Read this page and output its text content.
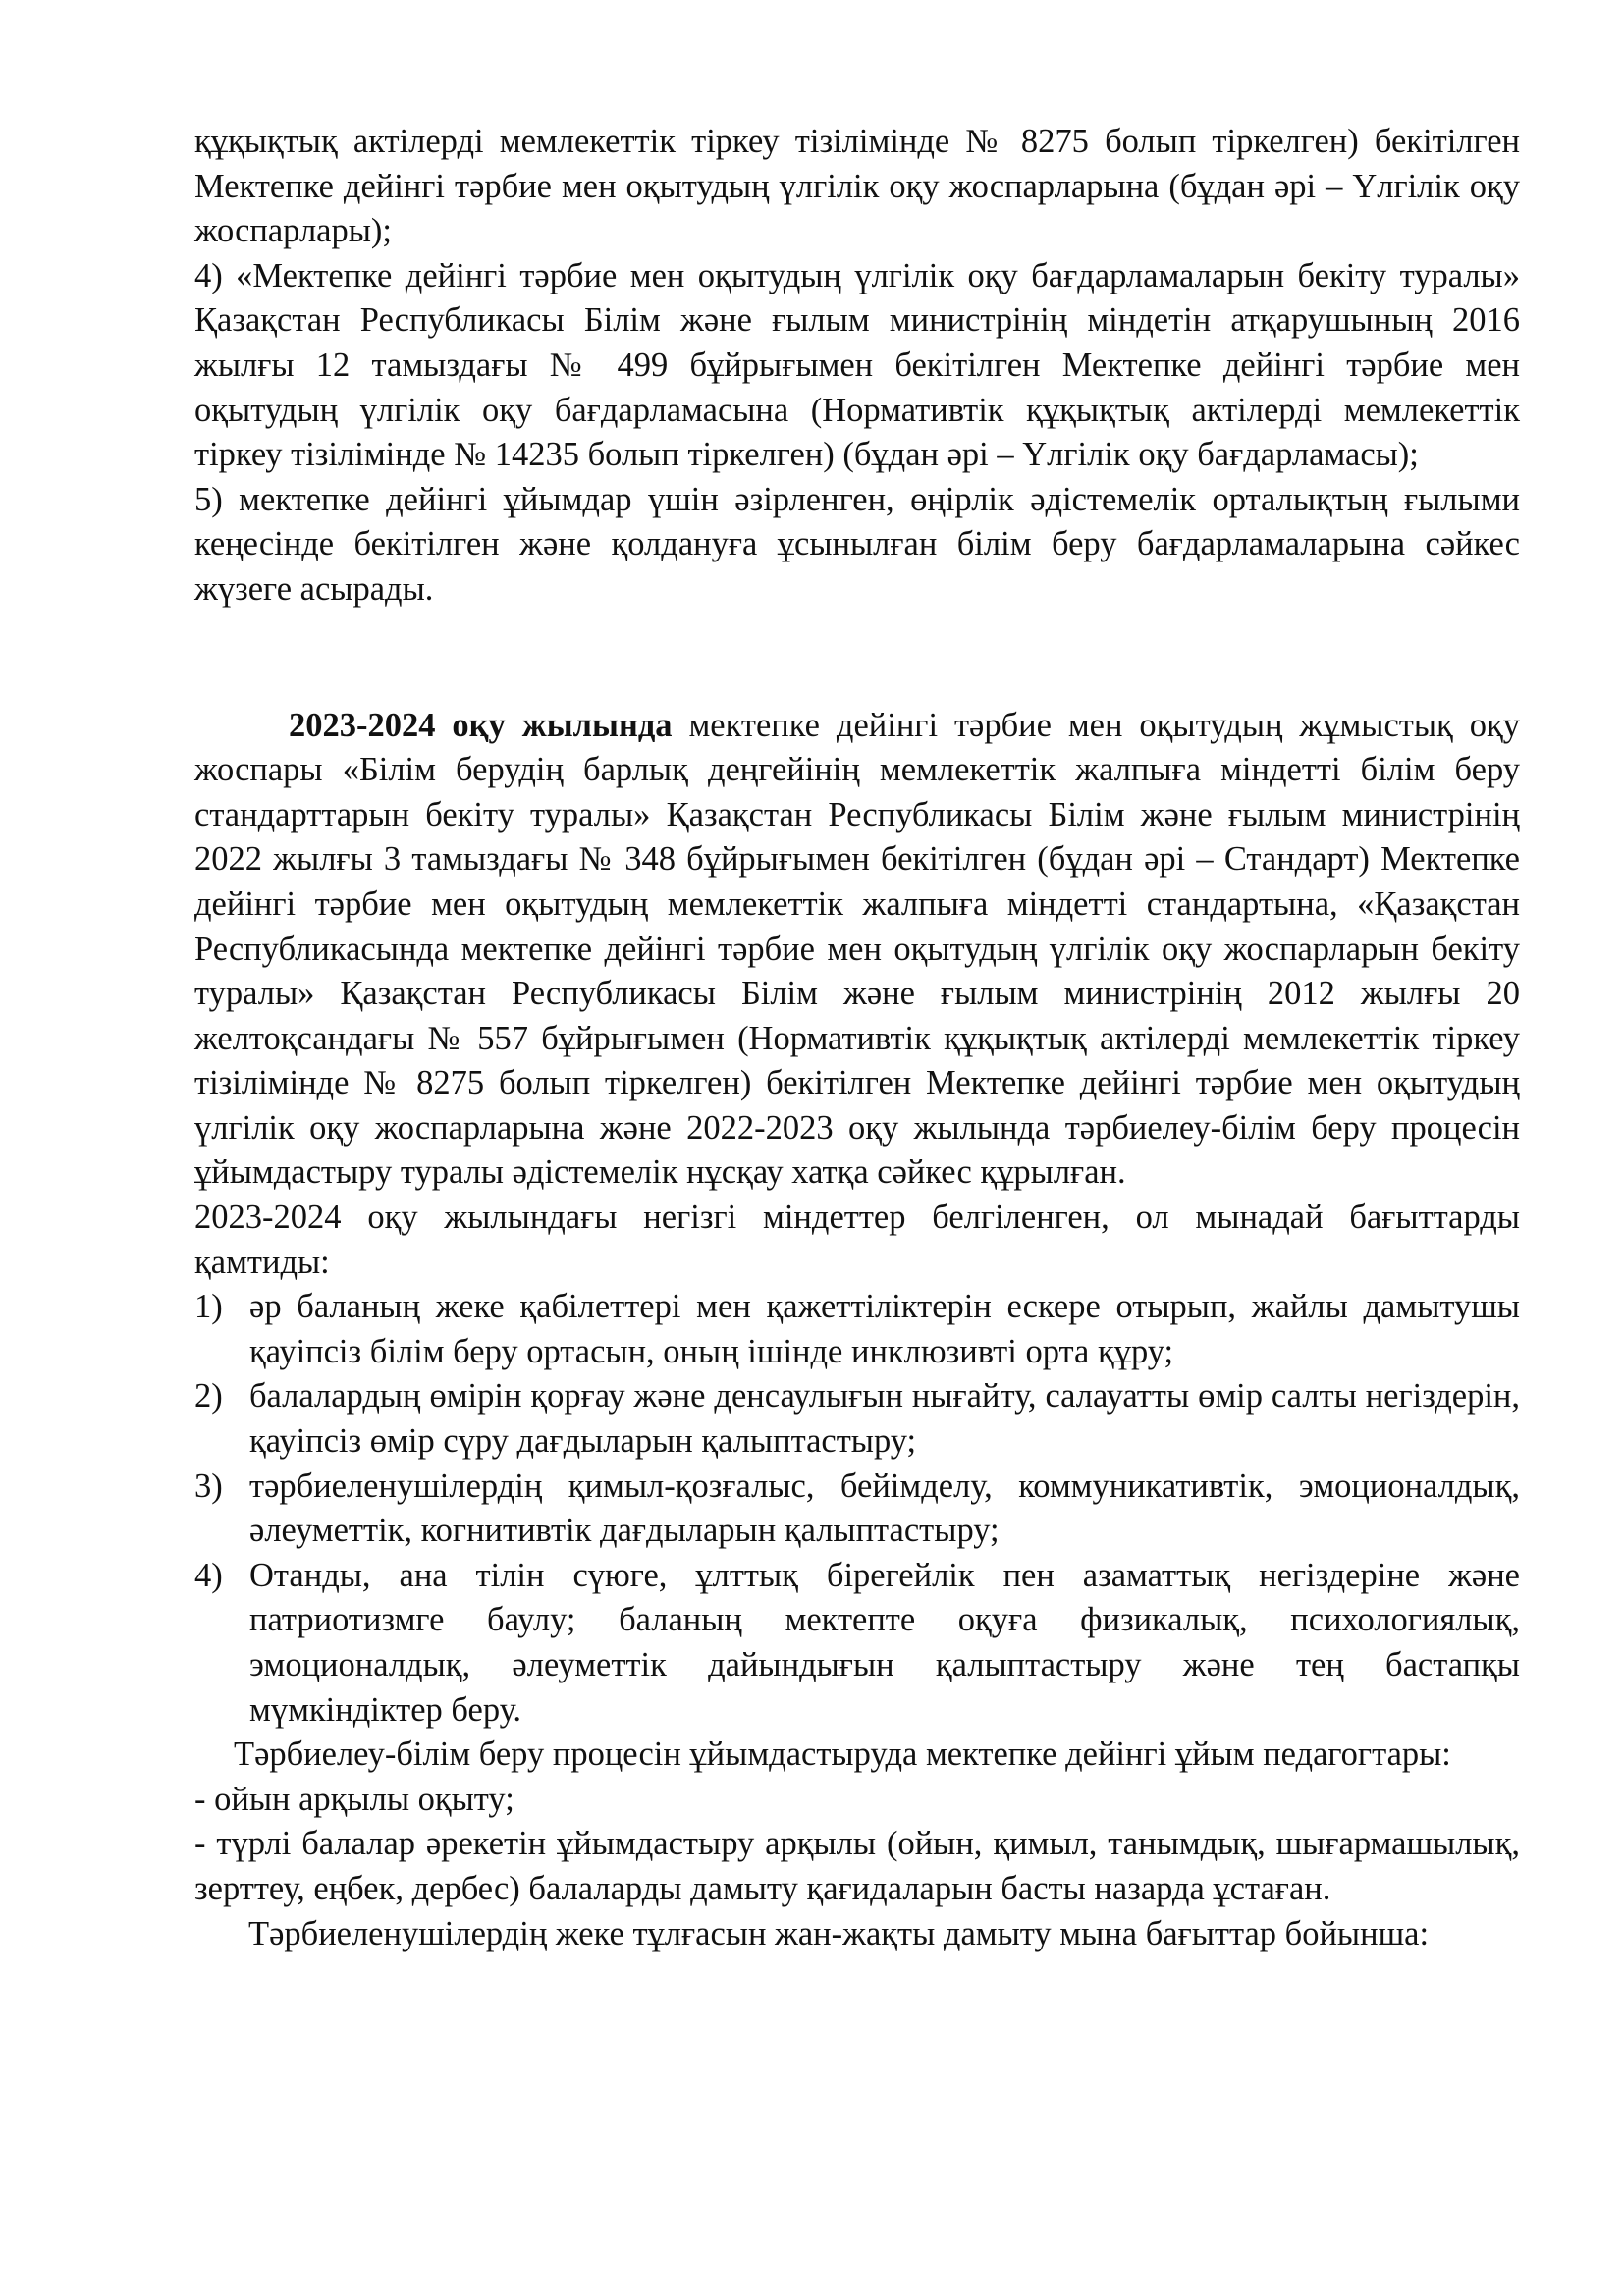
құқықтық актілерді мемлекеттік тіркеу тізілімінде № 8275 болып тіркелген) бекітілген Мектепке дейінгі тәрбие мен оқытудың үлгілік оқу жоспарларына (бұдан әрі – Үлгілік оқу жоспарлары);

4) «Мектепке дейінгі тәрбие мен оқытудың үлгілік оқу бағдарламаларын бекіту туралы» Қазақстан Республикасы Білім және ғылым министрінің міндетін атқарушының 2016 жылғы 12 тамыздағы № 499 бұйрығымен бекітілген Мектепке дейінгі тәрбие мен оқытудың үлгілік оқу бағдарламасына (Нормативтік құқықтық актілерді мемлекеттік тіркеу тізілімінде № 14235 болып тіркелген) (бұдан әрі – Үлгілік оқу бағдарламасы);

5) мектепке дейінгі ұйымдар үшін әзірленген, өңірлік әдістемелік орталықтың ғылыми кеңесінде бекітілген және қолдануға ұсынылған білім беру бағдарламаларына сәйкес жүзеге асырады.

2023-2024 оқу жылында мектепке дейінгі тәрбие мен оқытудың жұмыстық оқу жоспары «Білім берудің барлық деңгейінің мемлекеттік жалпыға міндетті білім беру стандарттарын бекіту туралы» Қазақстан Республикасы Білім және ғылым министрінің 2022 жылғы 3 тамыздағы № 348 бұйрығымен бекітілген (бұдан әрі – Стандарт) Мектепке дейінгі тәрбие мен оқытудың мемлекеттік жалпыға міндетті стандартына, «Қазақстан Республикасында мектепке дейінгі тәрбие мен оқытудың үлгілік оқу жоспарларын бекіту туралы» Қазақстан Республикасы Білім және ғылым министрінің 2012 жылғы 20 желтоқсандағы № 557 бұйрығымен (Нормативтік құқықтық актілерді мемлекеттік тіркеу тізілімінде № 8275 болып тіркелген) бекітілген Мектепке дейінгі тәрбие мен оқытудың үлгілік оқу жоспарларына және 2022-2023 оқу жылында тәрбиелеу-білім беру процесін ұйымдастыру туралы әдістемелік нұсқау хатқа сәйкес құрылған.

2023-2024 оқу жылындағы негізгі міндеттер белгіленген, ол мынадай бағыттарды қамтиды:

1) әр баланың жеке қабілеттері мен қажеттіліктерін ескере отырып, жайлы дамытушы қауіпсіз білім беру ортасын, оның ішінде инклюзивті орта құру;
2) балалардың өмірін қорғау және денсаулығын нығайту, салауатты өмір салты негіздерін, қауіпсіз өмір сүру дағдыларын қалыптастыру;
3) тәрбиеленушілердің қимыл-қозғалыс, бейімделу, коммуникативтік, эмоционалдық, әлеуметтік, когнитивтік дағдыларын қалыптастыру;
4) Отанды, ана тілін сүюге, ұлттық бірегейлік пен азаматтық негіздеріне және патриотизмге баулу; баланың мектепте оқуға физикалық, психологиялық, эмоционалдық, әлеуметтік дайындығын қалыптастыру және тең бастапқы мүмкіндіктер беру.

Тәрбиелеу-білім беру процесін ұйымдастыруда мектепке дейінгі ұйым педагогтары:

- ойын арқылы оқыту;

- түрлі балалар әрекетін ұйымдастыру арқылы (ойын, қимыл, танымдық, шығармашылық, зерттеу, еңбек, дербес) балаларды дамыту қағидаларын басты назарда ұстаған.

Тәрбиеленушілердің жеке тұлғасын жан-жақты дамыту мына бағыттар бойынша:
